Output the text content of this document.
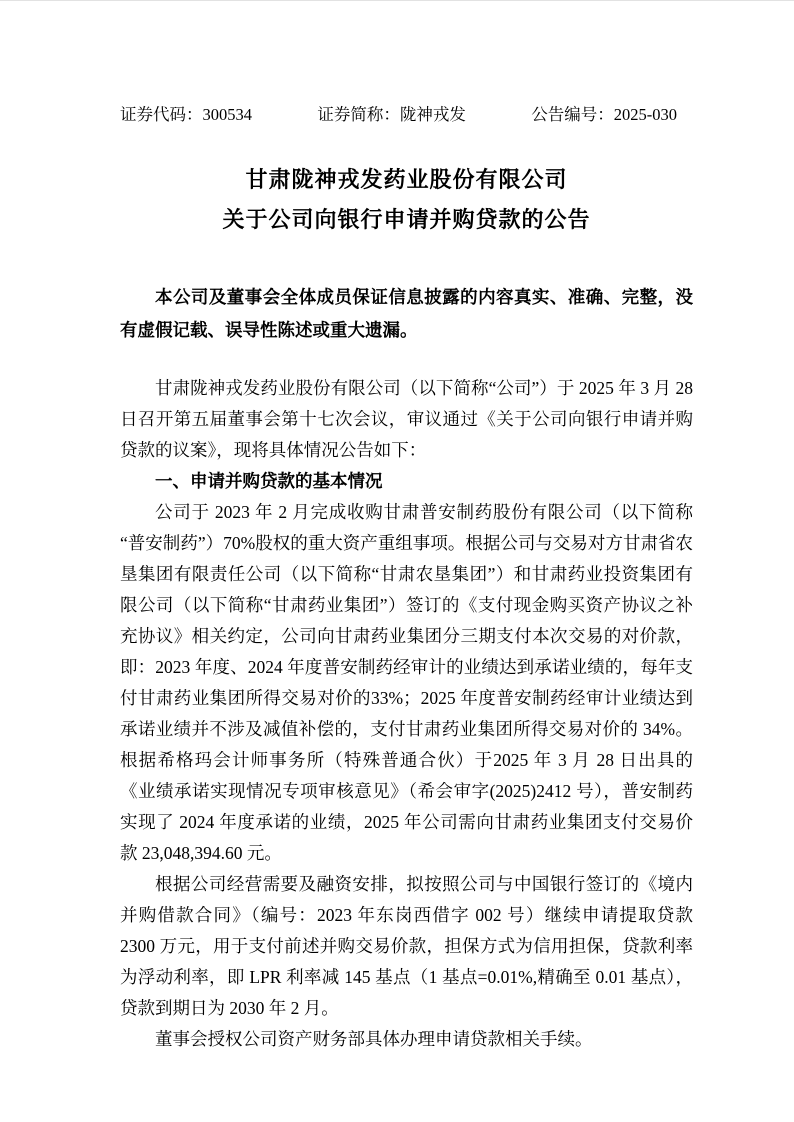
证券代码：300534	证券简称：陇神戎发	公告编号：2025-030
甘肃陇神戎发药业股份有限公司
关于公司向银行申请并购贷款的公告
本公司及董事会全体成员保证信息披露的内容真实、准确、完整，没有虚假记载、误导性陈述或重大遗漏。

甘肃陇神戎发药业股份有限公司（以下简称“公司”）于 2025 年 3 月 28 日召开第五届董事会第十七次会议，审议通过《关于公司向银行申请并购贷款的议案》，现将具体情况公告如下：

一、申请并购贷款的基本情况

公司于 2023 年 2 月完成收购甘肃普安制药股份有限公司（以下简称“普安制药”）70%股权的重大资产重组事项。根据公司与交易对方甘肃省农垦集团有限责任公司（以下简称“甘肃农垦集团”）和甘肃药业投资集团有限公司（以下简称“甘肃药业集团”）签订的《支付现金购买资产协议之补充协议》相关约定，公司向甘肃药业集团分三期支付本次交易的对价款，即：2023 年度、2024 年度普安制药经审计的业绩达到承诺业绩的，每年支付甘肃药业集团所得交易对价的33%；2025 年度普安制药经审计业绩达到承诺业绩并不涉及减值补偿的，支付甘肃药业集团所得交易对价的 34%。根据希格玛会计师事务所（特殊普通合伙）于2025 年 3 月 28 日出具的《业绩承诺实现情况专项审核意见》（希会审字(2025)2412 号），普安制药实现了 2024 年度承诺的业绩，2025 年公司需向甘肃药业集团支付交易价款 23,048,394.60 元。

根据公司经营需要及融资安排，拟按照公司与中国银行签订的《境内并购借款合同》（编号：2023 年东岗西借字 002 号）继续申请提取贷款 2300 万元，用于支付前述并购交易价款，担保方式为信用担保，贷款利率为浮动利率，即 LPR 利率减 145 基点（1 基点=0.01%,精确至 0.01 基点），贷款到期日为 2030 年 2 月。

董事会授权公司资产财务部具体办理申请贷款相关手续。
